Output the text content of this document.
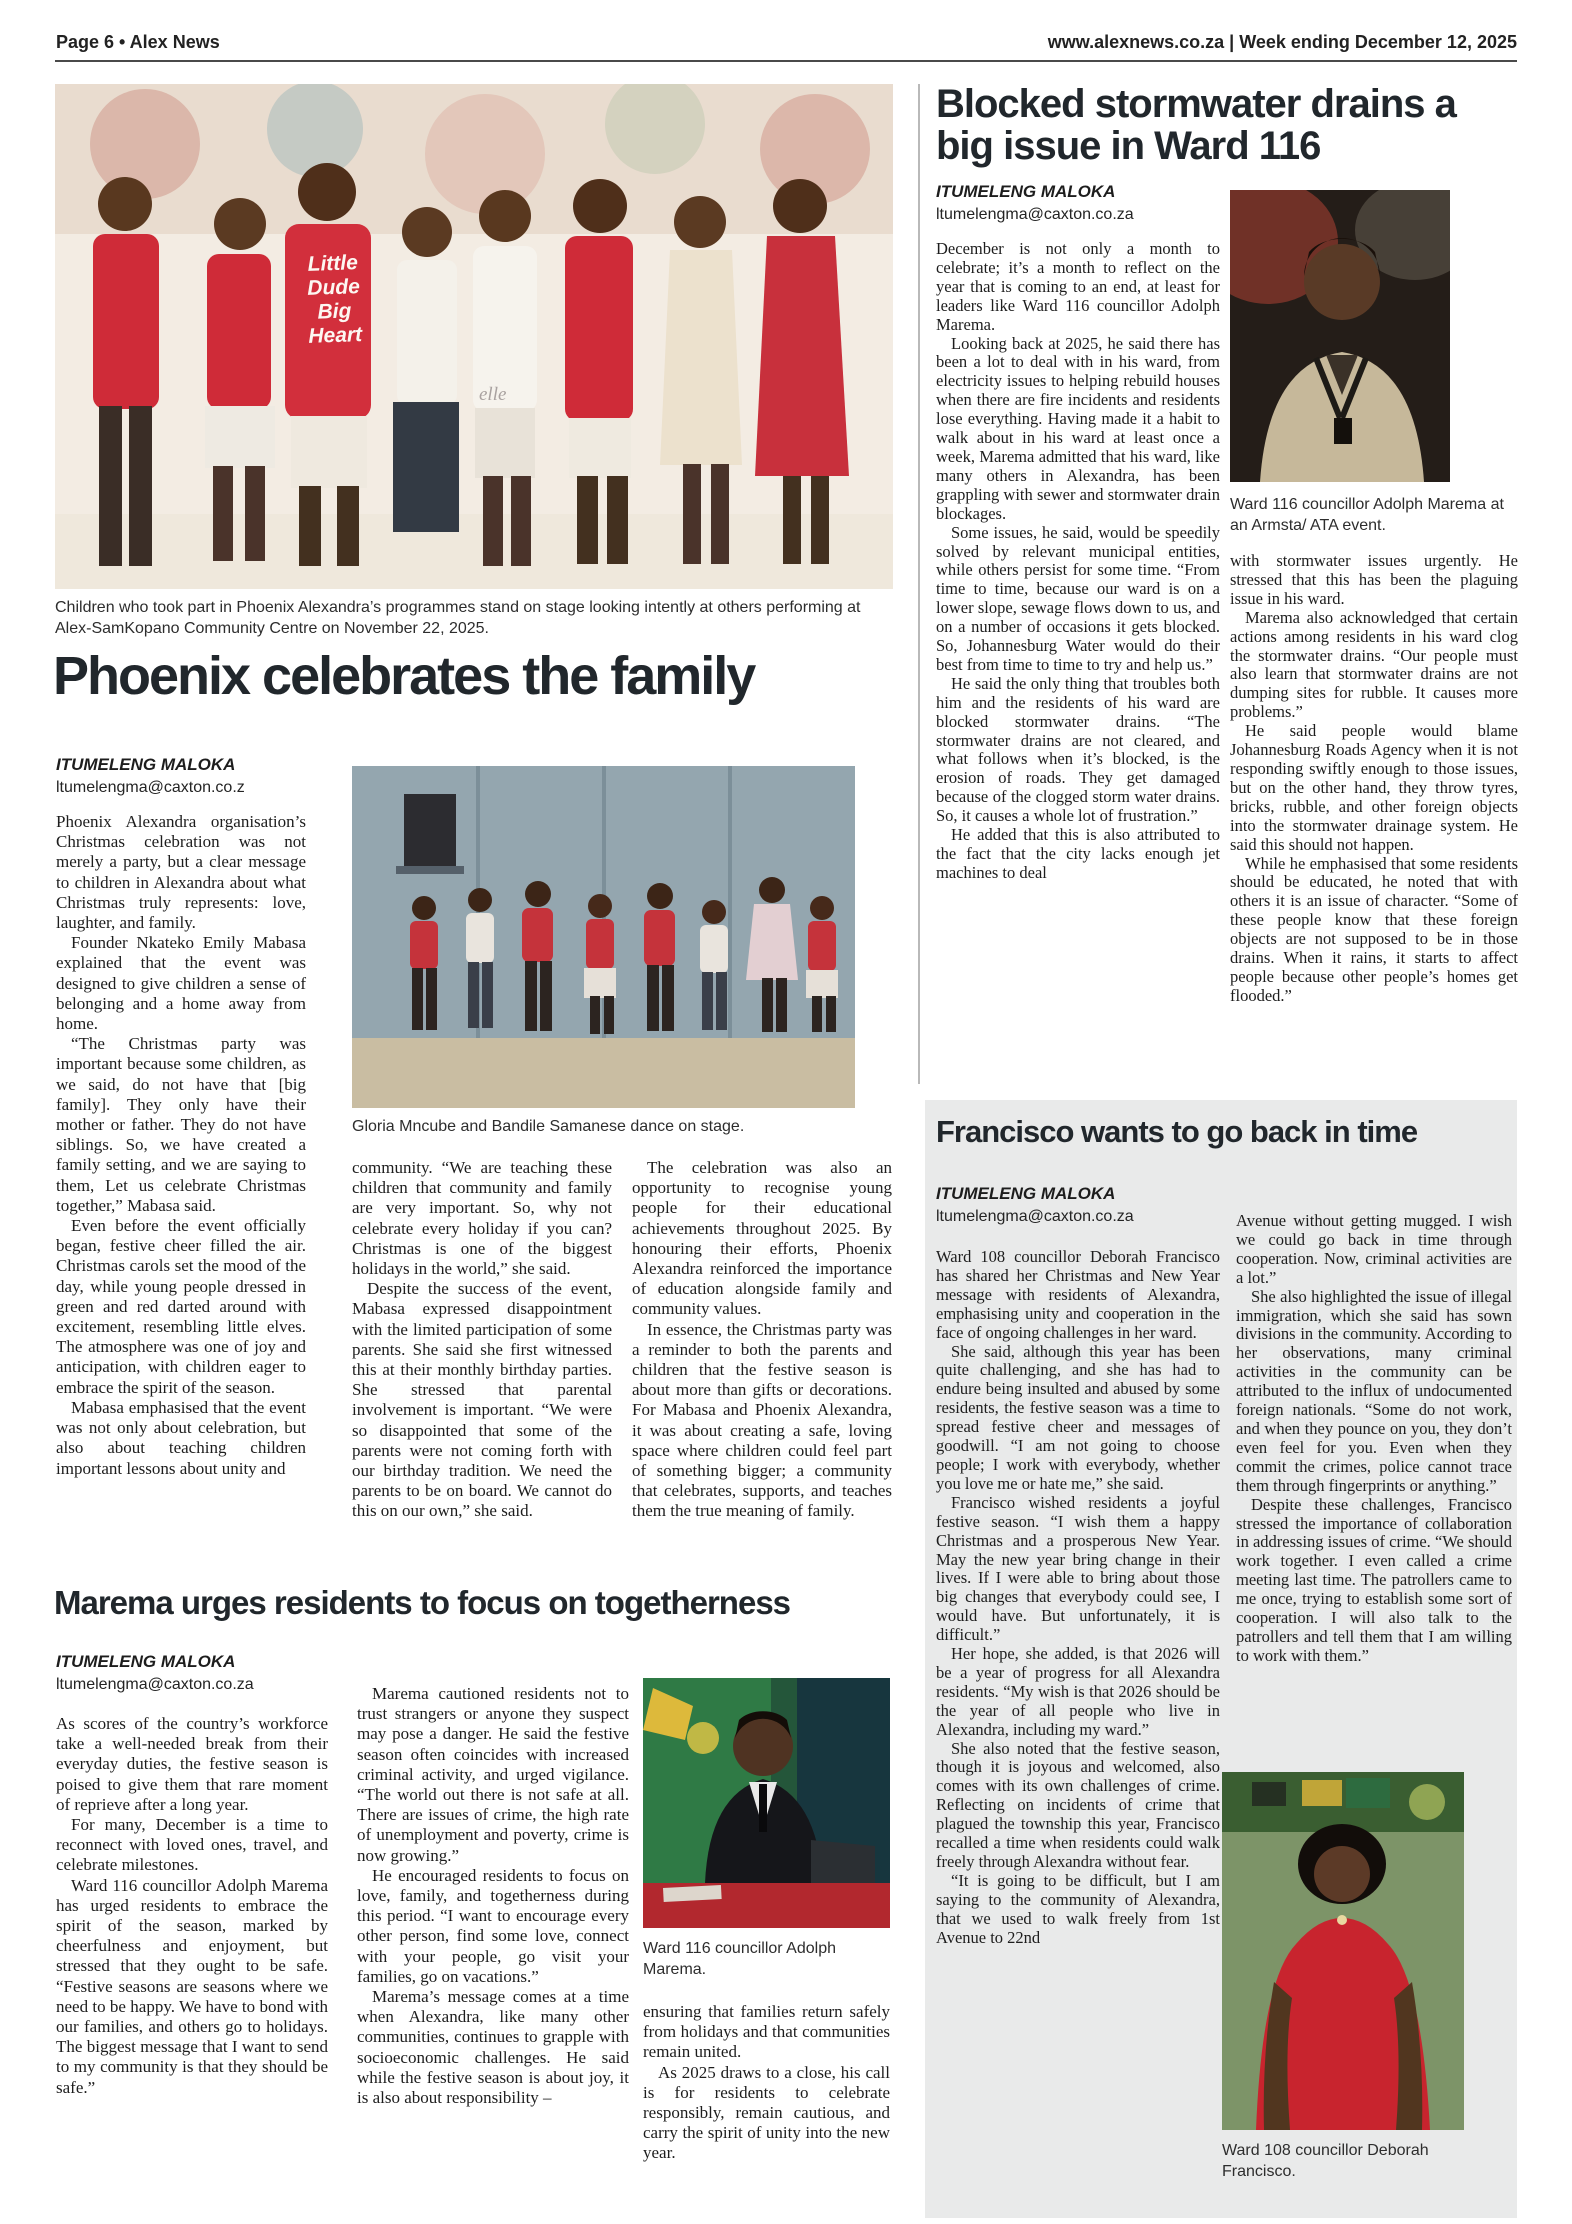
Page 6 • Alex News	www.alexnews.co.za | Week ending December 12, 2025
Little Dude Big Heart
elle
Children who took part in Phoenix Alexandra’s programmes stand on stage looking intently at others performing at Alex-SamKopano Community Centre on November 22, 2025.
Phoenix celebrates the family
ITUMELENG MALOKA
ltumelengma@caxton.co.z

Phoenix Alexandra organisation’s Christmas celebration was not merely a party, but a clear message to children in Alexandra about what Christmas truly represents: love, laughter, and family.

Founder Nkateko Emily Mabasa explained that the event was designed to give children a sense of belonging and a home away from home.

“The Christmas party was important because some children, as we said, do not have that [big family]. They only have their mother or father. They do not have siblings. So, we have created a family setting, and we are saying to them, Let us celebrate Christmas together,” Mabasa said.

Even before the event officially began, festive cheer filled the air. Christmas carols set the mood of the day, while young people dressed in green and red darted around with excitement, resembling little elves. The atmosphere was one of joy and anticipation, with children eager to embrace the spirit of the season.

Mabasa emphasised that the event was not only about celebration, but also about teaching children important lessons about unity and

Gloria Mncube and Bandile Samanese dance on stage.

community. “We are teaching these children that community and family are very important. So, why not celebrate every holiday if you can? Christmas is one of the biggest holidays in the world,” she said.

Despite the success of the event, Mabasa expressed disappointment with the limited participation of some parents. She said she first witnessed this at their monthly birthday parties. She stressed that parental involvement is important. “We were so disappointed that some of the parents were not coming forth with our birthday tradition. We need the parents to be on board. We cannot do this on our own,” she said.

The celebration was also an opportunity to recognise young people for their educational achievements throughout 2025. By honouring their efforts, Phoenix Alexandra reinforced the importance of education alongside family and community values.

In essence, the Christmas party was a reminder to both the parents and children that the festive season is about more than gifts or decorations. For Mabasa and Phoenix Alexandra, it was about creating a safe, loving space where children could feel part of something bigger; a community that celebrates, supports, and teaches them the true meaning of family.

Marema urges residents to focus on togetherness
ITUMELENG MALOKA
ltumelengma@caxton.co.za

As scores of the country’s workforce take a well-needed break from their everyday duties, the festive season is poised to give them that rare moment of reprieve after a long year.

For many, December is a time to reconnect with loved ones, travel, and celebrate milestones.

Ward 116 councillor Adolph Marema has urged residents to embrace the spirit of the season, marked by cheerfulness and enjoyment, but stressed that they ought to be safe. “Festive seasons are seasons where we need to be happy. We have to bond with our families, and others go to holidays. The biggest message that I want to send to my community is that they should be safe.”

Marema cautioned residents not to trust strangers or anyone they suspect may pose a danger. He said the festive season often coincides with increased criminal activity, and urged vigilance. “The world out there is not safe at all. There are issues of crime, the high rate of unemployment and poverty, crime is now growing.”

He encouraged residents to focus on love, family, and togetherness during this period. “I want to encourage every other person, find some love, connect with your people, go visit your families, go on vacations.”

Marema’s message comes at a time when Alexandra, like many other communities, continues to grapple with socioeconomic challenges. He said while the festive season is about joy, it is also about responsibility –

Ward 116 councillor Adolph Marema.

ensuring that families return safely from holidays and that communities remain united.

As 2025 draws to a close, his call is for residents to celebrate responsibly, remain cautious, and carry the spirit of unity into the new year.

Blocked stormwater drains a big issue in Ward 116
ITUMELENG MALOKA
ltumelengma@caxton.co.za

December is not only a month to celebrate; it’s a month to reflect on the year that is coming to an end, at least for leaders like Ward 116 councillor Adolph Marema.

Looking back at 2025, he said there has been a lot to deal with in his ward, from electricity issues to helping rebuild houses when there are fire incidents and residents lose everything. Having made it a habit to walk about in his ward at least once a week, Marema admitted that his ward, like many others in Alexandra, has been grappling with sewer and stormwater drain blockages.

Some issues, he said, would be speedily solved by relevant municipal entities, while others persist for some time. “From time to time, because our ward is on a lower slope, sewage flows down to us, and on a number of occasions it gets blocked. So, Johannesburg Water would do their best from time to time to try and help us.”

He said the only thing that troubles both him and the residents of his ward are blocked stormwater drains. “The stormwater drains are not cleared, and what follows when it’s blocked, is the erosion of roads. They get damaged because of the clogged storm water drains. So, it causes a whole lot of frustration.”

He added that this is also attributed to the fact that the city lacks enough jet machines to deal

Ward 116 councillor Adolph Marema at an Armsta/ ATA event.

with stormwater issues urgently. He stressed that this has been the plaguing issue in his ward.

Marema also acknowledged that certain actions among residents in his ward clog the stormwater drains. “Our people must also learn that stormwater drains are not dumping sites for rubble. It causes more problems.”

He said people would blame Johannesburg Roads Agency when it is not responding swiftly enough to those issues, but on the other hand, they throw tyres, bricks, rubble, and other foreign objects into the stormwater drainage system. He said this should not happen.

While he emphasised that some residents should be educated, he noted that with others it is an issue of character. “Some of these people know that these foreign objects are not supposed to be in those drains. When it rains, it starts to affect people because other people’s homes get flooded.”

Francisco wants to go back in time
ITUMELENG MALOKA
ltumelengma@caxton.co.za

Ward 108 councillor Deborah Francisco has shared her Christmas and New Year message with residents of Alexandra, emphasising unity and cooperation in the face of ongoing challenges in her ward.

She said, although this year has been quite challenging, and she has had to endure being insulted and abused by some residents, the festive season was a time to spread festive cheer and messages of goodwill. “I am not going to choose people; I work with everybody, whether you love me or hate me,” she said.

Francisco wished residents a joyful festive season. “I wish them a happy Christmas and a prosperous New Year. May the new year bring change in their lives. If I were able to bring about those big changes that everybody could see, I would have. But unfortunately, it is difficult.”

Her hope, she added, is that 2026 will be a year of progress for all Alexandra residents. “My wish is that 2026 should be the year of all people who live in Alexandra, including my ward.”

She also noted that the festive season, though it is joyous and welcomed, also comes with its own challenges of crime. Reflecting on incidents of crime that plagued the township this year, Francisco recalled a time when residents could walk freely through Alexandra without fear.

“It is going to be difficult, but I am saying to the community of Alexandra, that we used to walk freely from 1st Avenue to 22nd

Avenue without getting mugged. I wish we could go back in time through cooperation. Now, criminal activities are a lot.”

She also highlighted the issue of illegal immigration, which she said has sown divisions in the community. According to her observations, many criminal activities in the community can be attributed to the influx of undocumented foreign nationals. “Some do not work, and when they pounce on you, they don’t even feel for you. Even when they commit the crimes, police cannot trace them through fingerprints or anything.”

Despite these challenges, Francisco stressed the importance of collaboration in addressing issues of crime. “We should work together. I even called a crime meeting last time. The patrollers came to me once, trying to establish some sort of cooperation. I will also talk to the patrollers and tell them that I am willing to work with them.”

Ward 108 councillor Deborah Francisco.
